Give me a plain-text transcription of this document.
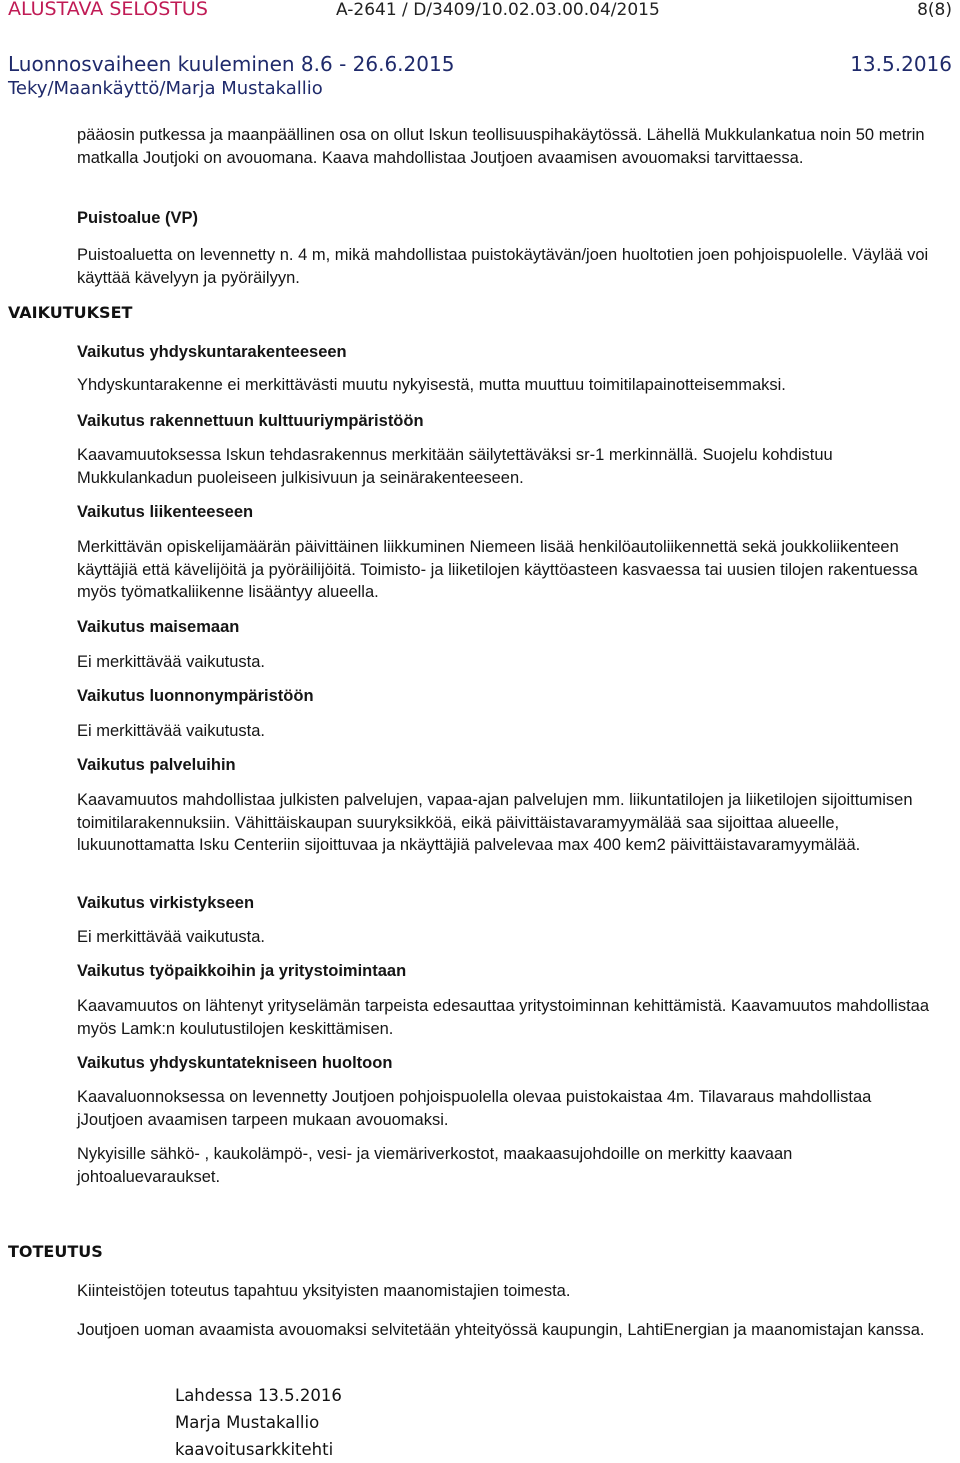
ALUSTAVA SELOSTUS	A-2641 / D/3409/10.02.03.00.04/2015	8(8)
Luonnosvaiheen kuuleminen 8.6 - 26.6.2015	13.5.2016
Teky/Maankäyttö/Marja Mustakallio
VAIKUTUKSET
TOTEUTUS

pääosin putkessa ja maanpäällinen osa on ollut Iskun teollisuuspihakäytössä. Lähellä Mukkulankatua noin 50 metrin matkalla Joutjoki on avouomana. Kaava mahdollistaa Joutjoen avaamisen avouomaksi tarvittaessa.

Puistoalue (VP)
Puistoaluetta on levennetty n. 4 m, mikä mahdollistaa puistokäytävän/joen huoltotien joen pohjoispuolelle. Väylää voi käyttää kävelyyn ja pyöräilyyn.
Vaikutus yhdyskuntarakenteeseen
Yhdyskuntarakenne ei merkittävästi muutu nykyisestä, mutta muuttuu toimitilapainotteisemmaksi.
Vaikutus rakennettuun kulttuuriympäristöön
Kaavamuutoksessa Iskun tehdasrakennus merkitään säilytettäväksi sr-1 merkinnällä. Suojelu kohdistuu Mukkulankadun puoleiseen julkisivuun ja seinärakenteeseen.
Vaikutus liikenteeseen
Merkittävän opiskelijamäärän päivittäinen liikkuminen Niemeen lisää henkilöautoliikennettä sekä joukkoliikenteen käyttäjiä että kävelijöitä ja pyöräilijöitä. Toimisto- ja liiketilojen käyttöasteen kasvaessa tai uusien tilojen rakentuessa myös työmatkaliikenne lisääntyy alueella.
Vaikutus maisemaan
Ei merkittävää vaikutusta.
Vaikutus luonnonympäristöön
Ei merkittävää vaikutusta.
Vaikutus palveluihin
Kaavamuutos mahdollistaa julkisten palvelujen, vapaa-ajan palvelujen mm. liikuntatilojen ja liiketilojen sijoittumisen toimitilarakennuksiin. Vähittäiskaupan suuryksikköä, eikä päivittäistavaramyymälää saa sijoittaa alueelle, lukuunottamatta Isku Centeriin sijoittuvaa ja nkäyttäjiä palvelevaa max 400 kem2 päivittäistavaramyymälää.
Vaikutus virkistykseen
Ei merkittävää vaikutusta.
Vaikutus työpaikkoihin ja yritystoimintaan
Kaavamuutos on lähtenyt yrityselämän tarpeista edesauttaa yritystoiminnan kehittämistä. Kaavamuutos mahdollistaa myös Lamk:n koulutustilojen keskittämisen.
Vaikutus yhdyskuntatekniseen huoltoon
Kaavaluonnoksessa on levennetty Joutjoen pohjoispuolella olevaa puistokaistaa 4m. Tilavaraus mahdollistaa jJoutjoen avaamisen tarpeen mukaan avouomaksi.
Nykyisille sähkö- , kaukolämpö-, vesi- ja viemäriverkostot, maakaasujohdoille on merkitty kaavaan johtoaluevaraukset.
Kiinteistöjen toteutus tapahtuu yksityisten maanomistajien toimesta.
Joutjoen uoman avaamista avouomaksi selvitetään yhteityössä kaupungin, LahtiEnergian ja maanomistajan kanssa.
Lahdessa 13.5.2016
Marja Mustakallio
kaavoitusarkkitehti
